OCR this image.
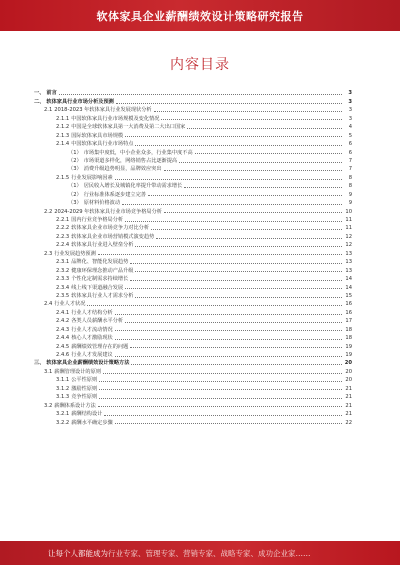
软体家具企业薪酬绩效设计策略研究报告
内容目录
一、 前言	3
二、 软体家具行业市场分析及预测	3
2.1 2018-2023 年软体家具行业发展现状分析	3
2.1.1 中国软体家具行业市场规模及变化情况	3
2.1.2 中国是全球软体家具第一大消费及第二大出口国家	4
2.1.3 国际软体家具市场规模	5
2.1.4 中国软体家具行业市场特点	6
（1） 市场集中度低，中小企业众多，行业集中度不高	6
（2） 市场渠道多样化，网络销售占比逐渐提高	7
（3） 消费升级趋势明显，品牌效应突出	7
2.1.5 行业发展影响因素	8
（1） 居民收入增长及城镇化率提升带动需求增长	8
（2） 行业标准体系逐步建立完善	9
（3） 原材料价格波动	9
2.2 2024-2029 年软体家具行业市场竞争格局分析	10
2.2.1 国内行业竞争格局分析	11
2.2.2 软体家具企业市场竞争力对比分析	11
2.2.3 软体家具企业市场营销模式演变趋势	12
2.2.4 软体家具行业进入壁垒分析	12
2.3 行业发展趋势预测	13
2.3.1 品牌化、智能化发展趋势	13
2.3.2 健康环保理念推动产品升级	13
2.3.3 个性化定制需求持续增长	14
2.3.4 线上线下渠道融合发展	14
2.3.5 软体家具行业人才需求分析	15
2.4 行业人才状况	16
2.4.1 行业人才结构分析	16
2.4.2 各类人员薪酬水平分析	17
2.4.3 行业人才流动情况	18
2.4.4 核心人才激励现状	18
2.4.5 薪酬绩效管理存在的问题	19
2.4.6 行业人才发展建议	19
三、 软体家具企业薪酬绩效设计策略方法	20
3.1 薪酬管理设计的原则	20
3.1.1 公平性原则	20
3.1.2 激励性原则	21
3.1.3 竞争性原则	21
3.2 薪酬体系设计方法	21
3.2.1 薪酬结构设计	21
3.2.2 薪酬水平确定步骤	22
让每个人都能成为 行业专家、管理专家、营销专家、战略专家、成功企业家……
